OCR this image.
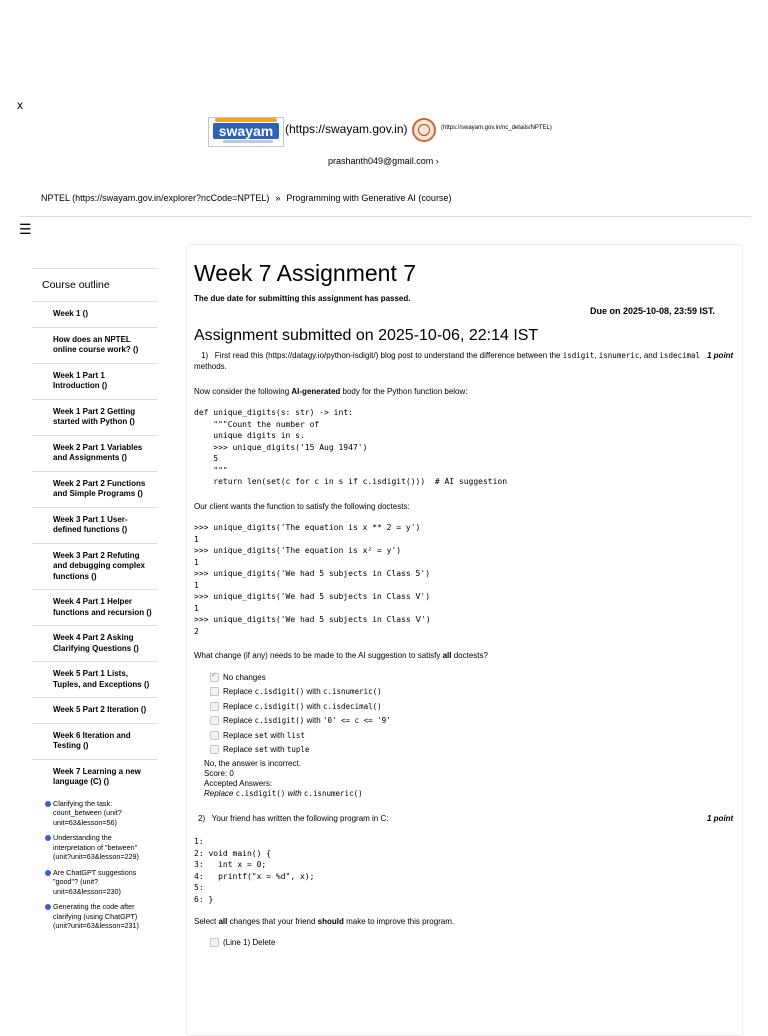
x
swayam (https://swayam.gov.in)	(https://swayam.gov.in/nc_details/NPTEL)
prashanth049@gmail.com ›
NPTEL (https://swayam.gov.in/explorer?ncCode=NPTEL) » Programming with Generative AI (course)
☰
Course outline
Week 1 ()
How does an NPTEL online course work? ()
Week 1 Part 1 Introduction ()
Week 1 Part 2 Getting started with Python ()
Week 2 Part 1 Variables and Assignments ()
Week 2 Part 2 Functions and Simple Programs ()
Week 3 Part 1 User-defined functions ()
Week 3 Part 2 Refuting and debugging complex functions ()
Week 4 Part 1 Helper functions and recursion ()
Week 4 Part 2 Asking Clarifying Questions ()
Week 5 Part 1 Lists, Tuples, and Exceptions ()
Week 5 Part 2 Iteration ()
Week 6 Iteration and Testing ()
Week 7 Learning a new language (C) ()
Clarifying the task: count_between (unit?unit=63&lesson=56)
Understanding the interpretation of "between" (unit?unit=63&lesson=229)
Are ChatGPT suggestions "good"? (unit?unit=63&lesson=230)
Generating the code after clarifying (using ChatGPT) (unit?unit=63&lesson=231)
Week 7 Assignment 7
The due date for submitting this assignment has passed.
Due on 2025-10-08, 23:59 IST.
Assignment submitted on 2025-10-06, 22:14 IST
1) First read this (https://datagy.io/python-isdigit/) blog post to understand the difference between the isdigit, isnumeric, and isdecimal methods.
1 point
Now consider the following AI-generated body for the Python function below:
def unique_digits(s: str) -> int:
"""Count the number of
unique digits in s.
>>> unique_digits('15 Aug 1947')
5
"""
return len(set(c for c in s if c.isdigit()))  # AI suggestion
Our client wants the function to satisfy the following doctests:
>>> unique_digits('The equation is x ** 2 = y')
1
>>> unique_digits('The equation is x² = y')
1
>>> unique_digits('We had 5 subjects in Class 5')
1
>>> unique_digits('We had 5 subjects in Class V')
1
>>> unique_digits('We had 5 subjects in Class Ⅴ')
2
What change (if any) needs to be made to the AI suggestion to satisfy all doctests?
✓
No changes
Replace
c.isdigit()
with
c.isnumeric()
Replace
c.isdigit()
with
c.isdecimal()
Replace
c.isdigit()
with
'0' <= c <= '9'
Replace
set
with
list
Replace
set
with
tuple
No, the answer is incorrect.
Score: 0
Accepted Answers:
Replace c.isdigit() with c.isnumeric()
2) Your friend has written the following program in C:	1 point
1:
2: void main() {
3:   int x = 0;
4:   printf("x = %d", x);
5:
6: }
Select all changes that your friend should make to improve this program.
(Line 1) Delete
